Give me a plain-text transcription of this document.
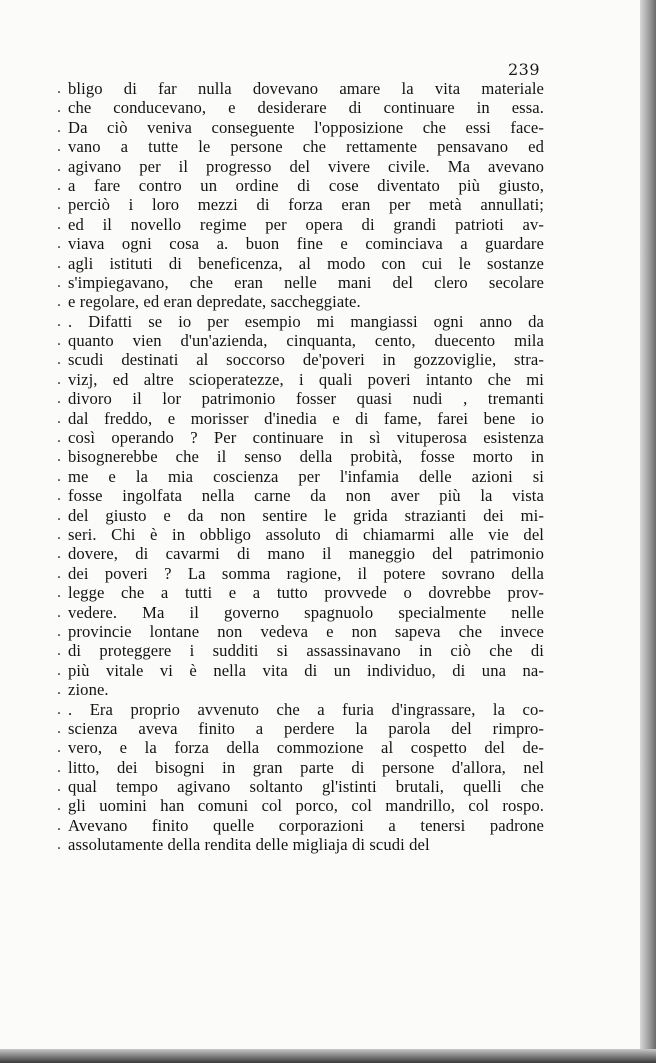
239
.
.
.
.
.
.
.
.
.
.
.
.
.
.
.
.
.
.
.
.
.
.
.
.
.
.
.
.
.
.
.
.
.
.
.
.
.
.
.
.
bligo di far nulla dovevano amare la vita materiale
che conducevano, e desiderare di continuare in essa.
Da ciò veniva conseguente l'opposizione che essi face-
vano a tutte le persone che rettamente pensavano ed
agivano per il progresso del vivere civile. Ma avevano
a fare contro un ordine di cose diventato più giusto,
perciò i loro mezzi di forza eran per metà annullati;
ed il novello regime per opera di grandi patrioti av-
viava ogni cosa a. buon fine e cominciava a guardare
agli istituti di beneficenza, al modo con cui le sostanze
s'impiegavano, che eran nelle mani del clero secolare
e regolare, ed eran depredate, saccheggiate.
. Difatti se io per esempio mi mangiassi ogni anno da
quanto vien d'un'azienda, cinquanta, cento, duecento mila
scudi destinati al soccorso de'poveri in gozzoviglie, stra-
vizj, ed altre scioperatezze, i quali poveri intanto che mi
divoro il lor patrimonio fosser quasi nudi , tremanti
dal freddo, e morisser d'inedia e di fame, farei bene io
così operando ? Per continuare in sì vituperosa esistenza
bisognerebbe che il senso della probità, fosse morto in
me e la mia coscienza per l'infamia delle azioni si
fosse ingolfata nella carne da non aver più la vista
del giusto e da non sentire le grida strazianti dei mi-
seri. Chi è in obbligo assoluto di chiamarmi alle vie del
dovere, di cavarmi di mano il maneggio del patrimonio
dei poveri ? La somma ragione, il potere sovrano della
legge che a tutti e a tutto provvede o dovrebbe prov-
vedere. Ma il governo spagnuolo specialmente nelle
provincie lontane non vedeva e non sapeva che invece
di proteggere i sudditi si assassinavano in ciò che di
più vitale vi è nella vita di un individuo, di una na-
zione.
. Era proprio avvenuto che a furia d'ingrassare, la co-
scienza aveva finito a perdere la parola del rimpro-
vero, e la forza della commozione al cospetto del de-
litto, dei bisogni in gran parte di persone d'allora, nel
qual tempo agivano soltanto gl'istinti brutali, quelli che
gli uomini han comuni col porco, col mandrillo, col rospo.
Avevano finito quelle corporazioni a tenersi padrone
assolutamente della rendita delle migliaja di scudi del
